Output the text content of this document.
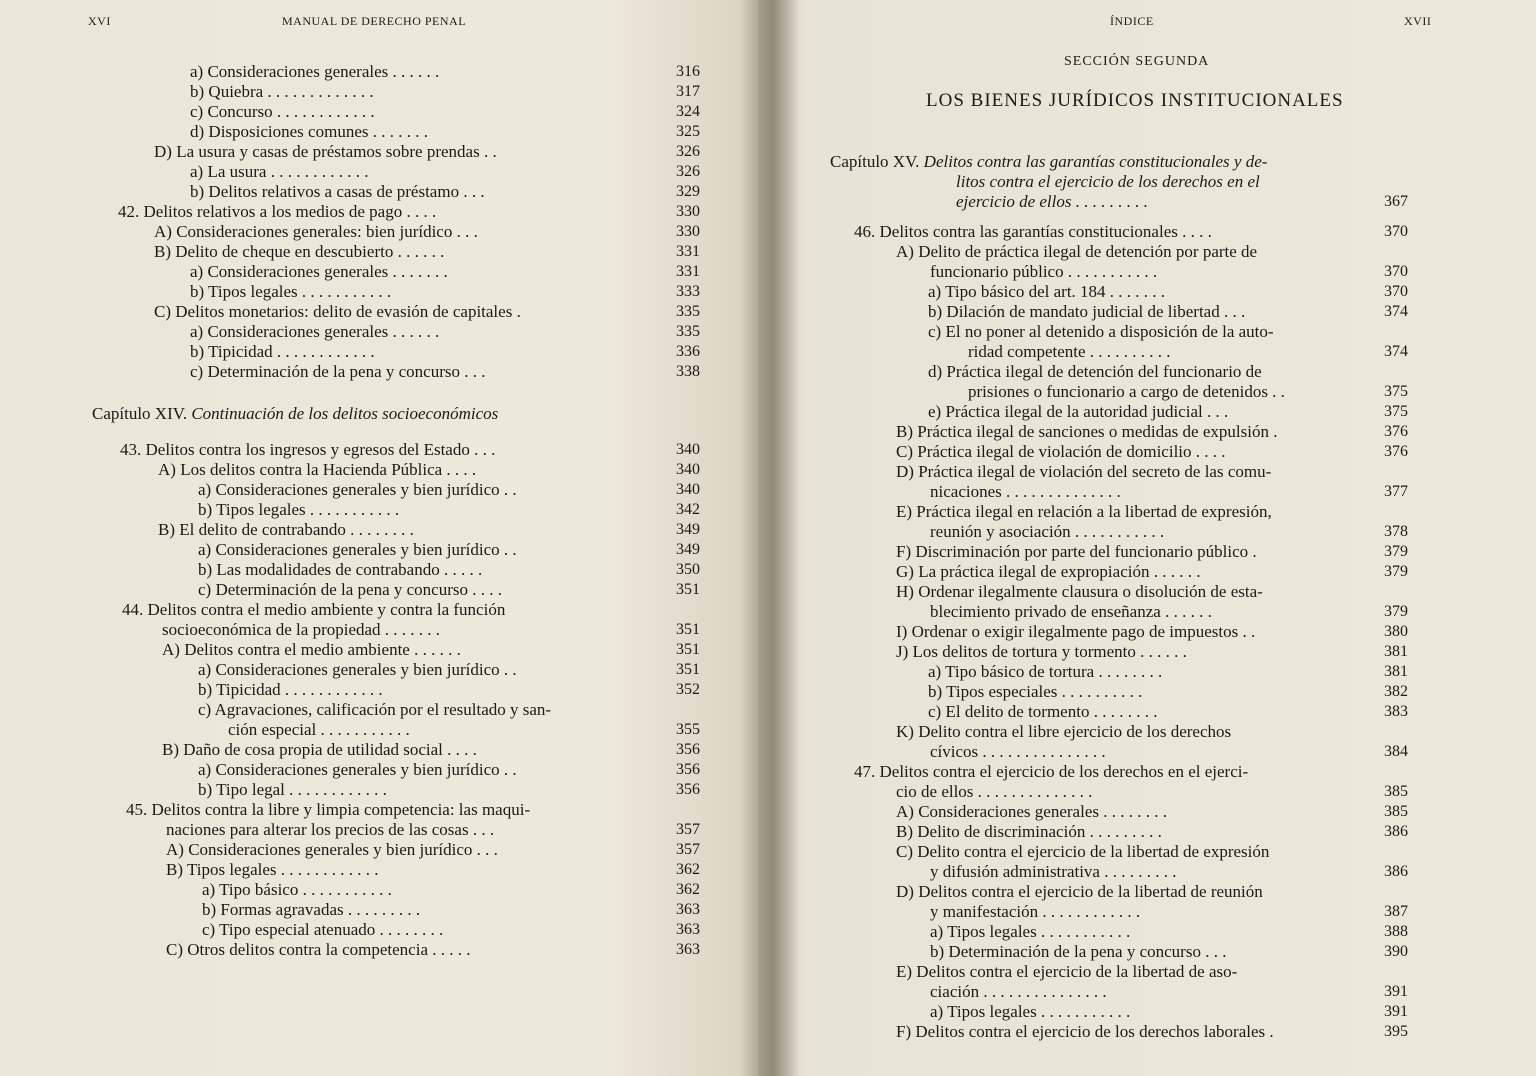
XVI	MANUAL DE DERECHO PENAL
a) Consideraciones generales . . . . . .	316
b) Quiebra . . . . . . . . . . . . .	317
c) Concurso . . . . . . . . . . . .	324
d) Disposiciones comunes . . . . . . .	325
D) La usura y casas de préstamos sobre prendas . .	326
a) La usura . . . . . . . . . . . .	326
b) Delitos relativos a casas de préstamo . . .	329
42. Delitos relativos a los medios de pago . . . .	330
A) Consideraciones generales: bien jurídico . . .	330
B) Delito de cheque en descubierto . . . . . .	331
a) Consideraciones generales . . . . . . .	331
b) Tipos legales . . . . . . . . . . .	333
C) Delitos monetarios: delito de evasión de capitales .	335
a) Consideraciones generales . . . . . .	335
b) Tipicidad . . . . . . . . . . . .	336
c) Determinación de la pena y concurso . . .	338
Capítulo XIV. Continuación de los delitos socioeconómicos
43. Delitos contra los ingresos y egresos del Estado . . .	340
A) Los delitos contra la Hacienda Pública . . . .	340
a) Consideraciones generales y bien jurídico . .	340
b) Tipos legales . . . . . . . . . . .	342
B) El delito de contrabando . . . . . . . .	349
a) Consideraciones generales y bien jurídico . .	349
b) Las modalidades de contrabando . . . . .	350
c) Determinación de la pena y concurso . . . .	351
44. Delitos contra el medio ambiente y contra la función
socioeconómica de la propiedad . . . . . . .	351
A) Delitos contra el medio ambiente . . . . . .	351
a) Consideraciones generales y bien jurídico . .	351
b) Tipicidad . . . . . . . . . . . .	352
c) Agravaciones, calificación por el resultado y san-
ción especial . . . . . . . . . . .	355
B) Daño de cosa propia de utilidad social . . . .	356
a) Consideraciones generales y bien jurídico . .	356
b) Tipo legal . . . . . . . . . . . .	356
45. Delitos contra la libre y limpia competencia: las maqui-
naciones para alterar los precios de las cosas . . .	357
A) Consideraciones generales y bien jurídico . . .	357
B) Tipos legales . . . . . . . . . . . .	362
a) Tipo básico . . . . . . . . . . .	362
b) Formas agravadas . . . . . . . . .	363
c) Tipo especial atenuado . . . . . . . .	363
C) Otros delitos contra la competencia . . . . .	363
ÍNDICE	XVII
SECCIÓN SEGUNDA
LOS BIENES JURÍDICOS INSTITUCIONALES
Capítulo XV. Delitos contra las garantías constitucionales y de-
litos contra el ejercicio de los derechos en el
ejercicio de ellos . . . . . . . . .	367
46. Delitos contra las garantías constitucionales . . . .	370
A) Delito de práctica ilegal de detención por parte de
funcionario público . . . . . . . . . . .	370
a) Tipo básico del art. 184 . . . . . . .	370
b) Dilación de mandato judicial de libertad . . .	374
c) El no poner al detenido a disposición de la auto-
ridad competente . . . . . . . . . .	374
d) Práctica ilegal de detención del funcionario de
prisiones o funcionario a cargo de detenidos . .	375
e) Práctica ilegal de la autoridad judicial . . .	375
B) Práctica ilegal de sanciones o medidas de expulsión .	376
C) Práctica ilegal de violación de domicilio . . . .	376
D) Práctica ilegal de violación del secreto de las comu-
nicaciones . . . . . . . . . . . . . .	377
E) Práctica ilegal en relación a la libertad de expresión,
reunión y asociación . . . . . . . . . . .	378
F) Discriminación por parte del funcionario público .	379
G) La práctica ilegal de expropiación . . . . . .	379
H) Ordenar ilegalmente clausura o disolución de esta-
blecimiento privado de enseñanza . . . . . .	379
I) Ordenar o exigir ilegalmente pago de impuestos . .	380
J) Los delitos de tortura y tormento . . . . . .	381
a) Tipo básico de tortura . . . . . . . .	381
b) Tipos especiales . . . . . . . . . .	382
c) El delito de tormento . . . . . . . .	383
K) Delito contra el libre ejercicio de los derechos
cívicos . . . . . . . . . . . . . . .	384
47. Delitos contra el ejercicio de los derechos en el ejerci-
cio de ellos . . . . . . . . . . . . . .	385
A) Consideraciones generales . . . . . . . .	385
B) Delito de discriminación . . . . . . . . .	386
C) Delito contra el ejercicio de la libertad de expresión
y difusión administrativa . . . . . . . . .	386
D) Delitos contra el ejercicio de la libertad de reunión
y manifestación . . . . . . . . . . . .	387
a) Tipos legales . . . . . . . . . . .	388
b) Determinación de la pena y concurso . . .	390
E) Delitos contra el ejercicio de la libertad de aso-
ciación . . . . . . . . . . . . . . .	391
a) Tipos legales . . . . . . . . . . .	391
F) Delitos contra el ejercicio de los derechos laborales .	395
